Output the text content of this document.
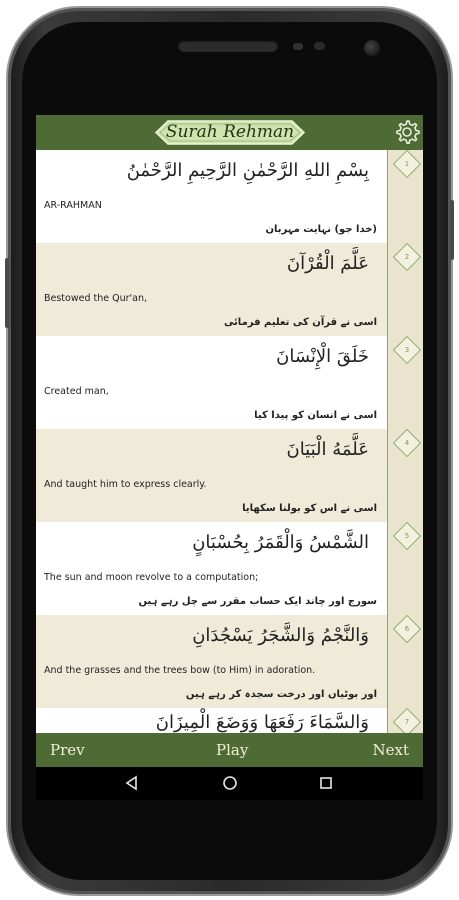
Surah Rehman
بِسْمِ اللهِ الرَّحْمٰنِ الرَّحِيمِ الرَّحْمٰنُ
AR-RAHMAN
(خدا جو) نہایت مہربان
عَلَّمَ الْقُرْآنَ
Bestowed the Qur'an,
اسی نے قرآن کی تعلیم فرمائی
خَلَقَ الْإِنْسَانَ
Created man,
اسی نے انسان کو پیدا کیا
عَلَّمَهُ الْبَيَانَ
And taught him to express clearly.
اسی نے اس کو بولنا سکھایا
الشَّمْسُ وَالْقَمَرُ بِحُسْبَانٍ
The sun and moon revolve to a computation;
سورج اور چاند ایک حساب مقرر سے چل رہے ہیں
وَالنَّجْمُ وَالشَّجَرُ يَسْجُدَانِ
And the grasses and the trees bow (to Him) in adoration.
اور بوٹیاں اور درخت سجدہ کر رہے ہیں
وَالسَّمَاءَ رَفَعَهَا وَوَضَعَ الْمِيزَانَ
1
2
3
4
5
6
7
Prev	Play	Next
